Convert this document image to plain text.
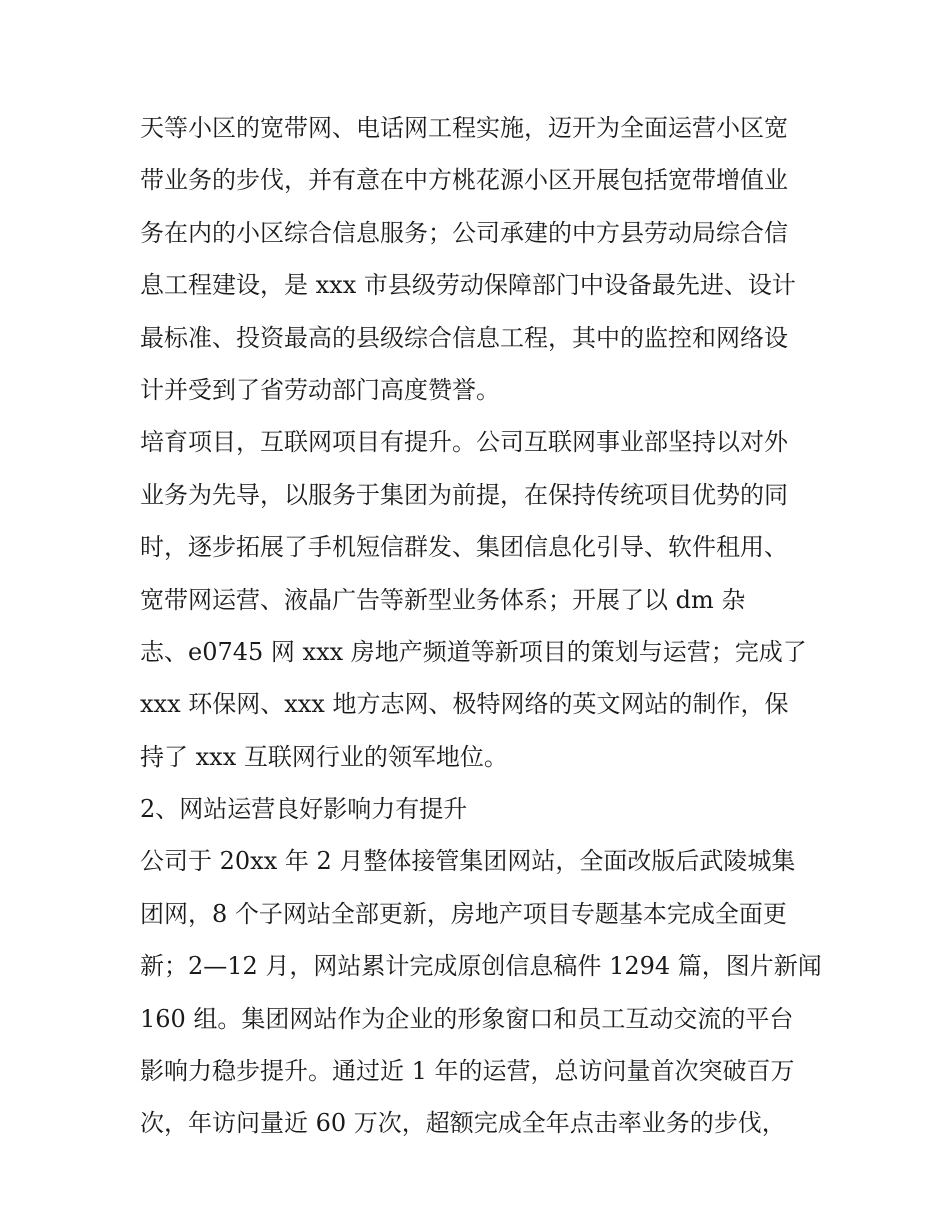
天等小区的宽带网、电话网工程实施，迈开为全面运营小区宽
带业务的步伐，并有意在中方桃花源小区开展包括宽带增值业
务在内的小区综合信息服务；公司承建的中方县劳动局综合信
息工程建设，是 xxx 市县级劳动保障部门中设备最先进、设计
最标准、投资最高的县级综合信息工程，其中的监控和网络设
计并受到了省劳动部门高度赞誉。
培育项目，互联网项目有提升。公司互联网事业部坚持以对外
业务为先导，以服务于集团为前提，在保持传统项目优势的同
时，逐步拓展了手机短信群发、集团信息化引导、软件租用、
宽带网运营、液晶广告等新型业务体系；开展了以 dm 杂
志、e0745 网 xxx 房地产频道等新项目的策划与运营；完成了
xxx 环保网、xxx 地方志网、极特网络的英文网站的制作，保
持了 xxx 互联网行业的领军地位。
2、网站运营良好影响力有提升
公司于 20xx 年 2 月整体接管集团网站，全面改版后武陵城集
团网，8 个子网站全部更新，房地产项目专题基本完成全面更
新；2—12 月，网站累计完成原创信息稿件 1294 篇，图片新闻
160 组。集团网站作为企业的形象窗口和员工互动交流的平台
影响力稳步提升。通过近 1 年的运营，总访问量首次突破百万
次，年访问量近 60 万次，超额完成全年点击率业务的步伐，
